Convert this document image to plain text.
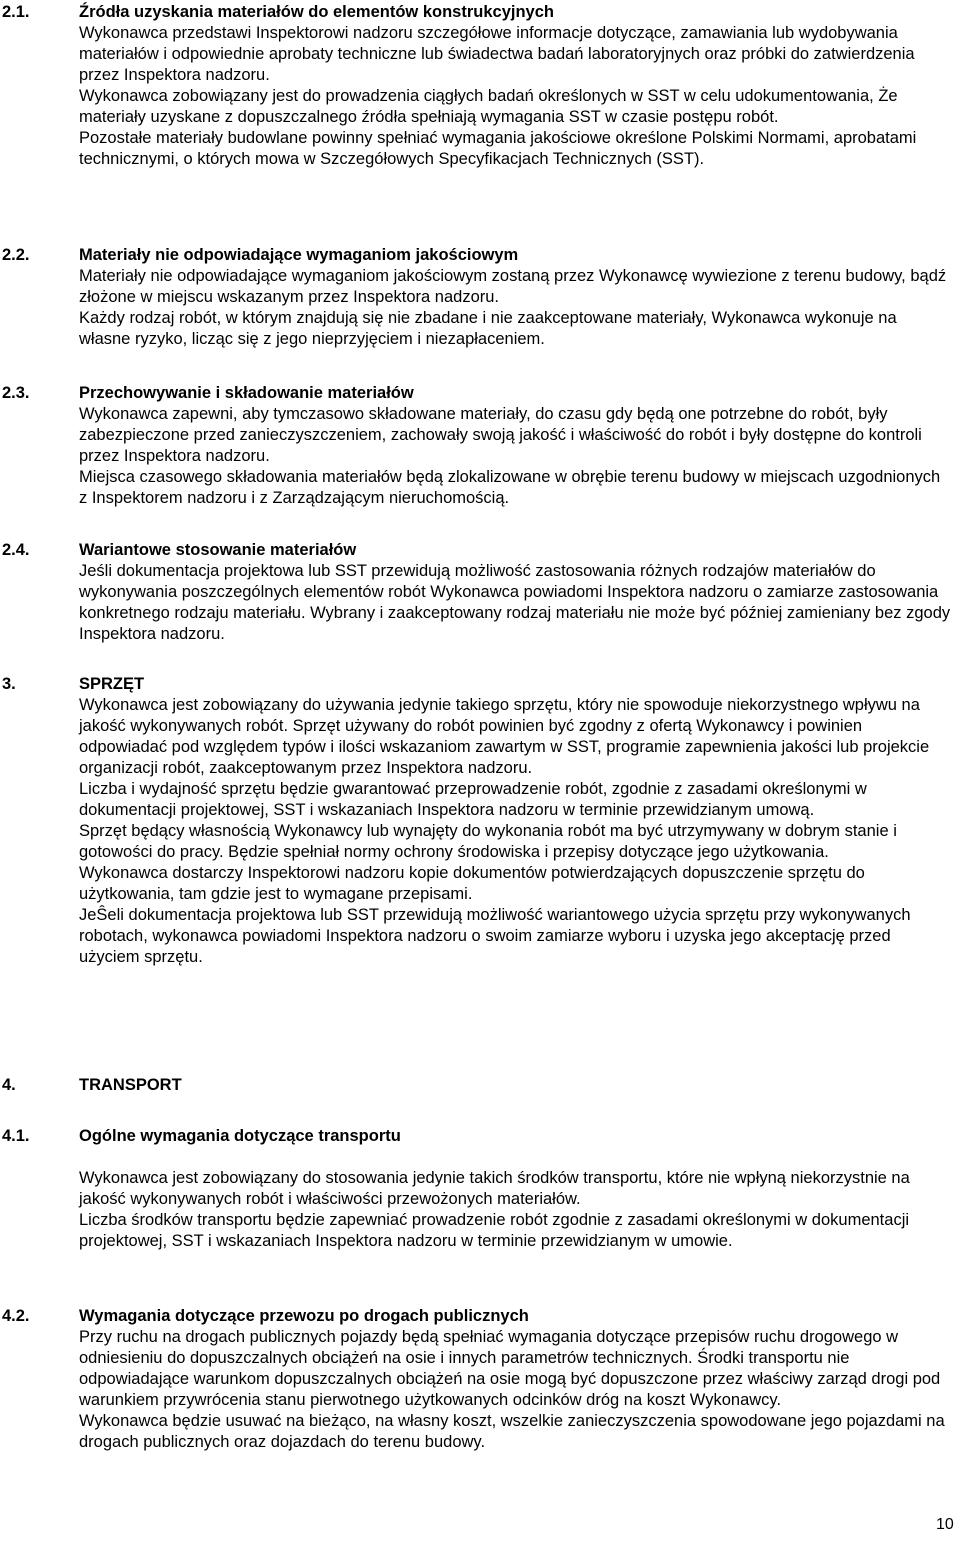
2.1.	Źródła uzyskania materiałów do elementów konstrukcyjnych

Wykonawca przedstawi Inspektorowi nadzoru szczegółowe informacje dotyczące, zamawiania lub wydobywania materiałów i odpowiednie aprobaty techniczne lub świadectwa badań laboratoryjnych oraz próbki do zatwierdzenia przez Inspektora nadzoru.

Wykonawca zobowiązany jest do prowadzenia ciągłych badań określonych w SST w celu udokumentowania, Że materiały uzyskane z dopuszczalnego źródła spełniają wymagania SST w czasie postępu robót.

Pozostałe materiały budowlane powinny spełniać wymagania jakościowe określone Polskimi Normami, aprobatami technicznymi, o których mowa w Szczegółowych Specyfikacjach Technicznych (SST).

2.2.	Materiały nie odpowiadające wymaganiom jakościowym

Materiały nie odpowiadające wymaganiom jakościowym zostaną przez Wykonawcę wywiezione z terenu budowy, bądź złożone w miejscu wskazanym przez Inspektora nadzoru.

Każdy rodzaj robót, w którym znajdują się nie zbadane i nie zaakceptowane materiały, Wykonawca wykonuje na własne ryzyko, licząc się z jego nieprzyjęciem i niezapłaceniem.

2.3.	Przechowywanie i składowanie materiałów

Wykonawca zapewni, aby tymczasowo składowane materiały, do czasu gdy będą one potrzebne do robót, były zabezpieczone przed zanieczyszczeniem, zachowały swoją jakość i właściwość do robót i były dostępne do kontroli przez Inspektora nadzoru.

Miejsca czasowego składowania materiałów będą zlokalizowane w obrębie terenu budowy w miejscach uzgodnionych z Inspektorem nadzoru i z Zarządzającym nieruchomością.

2.4.	Wariantowe stosowanie materiałów

Jeśli dokumentacja projektowa lub SST przewidują możliwość zastosowania różnych rodzajów materiałów do wykonywania poszczególnych elementów robót Wykonawca powiadomi Inspektora nadzoru o zamiarze zastosowania konkretnego rodzaju materiału. Wybrany i zaakceptowany rodzaj materiału nie może być później zamieniany bez zgody Inspektora nadzoru.

3.	SPRZĘT

Wykonawca jest zobowiązany do używania jedynie takiego sprzętu, który nie spowoduje niekorzystnego wpływu na jakość wykonywanych robót. Sprzęt używany do robót powinien być zgodny z ofertą Wykonawcy i powinien odpowiadać pod względem typów i ilości wskazaniom zawartym w SST, programie zapewnienia jakości lub projekcie organizacji robót, zaakceptowanym przez Inspektora nadzoru.

Liczba i wydajność sprzętu będzie gwarantować przeprowadzenie robót, zgodnie z zasadami określonymi w dokumentacji projektowej, SST i wskazaniach Inspektora nadzoru w terminie przewidzianym umową.

Sprzęt będący własnością Wykonawcy lub wynajęty do wykonania robót ma być utrzymywany w dobrym stanie i gotowości do pracy. Będzie spełniał normy ochrony środowiska i przepisy dotyczące jego użytkowania.

Wykonawca dostarczy Inspektorowi nadzoru kopie dokumentów potwierdzających dopuszczenie sprzętu do użytkowania, tam gdzie jest to wymagane przepisami.

JeŜeli dokumentacja projektowa lub SST przewidują możliwość wariantowego użycia sprzętu przy wykonywanych robotach, wykonawca powiadomi Inspektora nadzoru o swoim zamiarze wyboru i uzyska jego akceptację przed użyciem sprzętu.

4.	TRANSPORT
4.1.	Ogólne wymagania dotyczące transportu

Wykonawca jest zobowiązany do stosowania jedynie takich środków transportu, które nie wpłyną niekorzystnie na jakość wykonywanych robót i właściwości przewożonych materiałów.

Liczba środków transportu będzie zapewniać prowadzenie robót zgodnie z zasadami określonymi w dokumentacji projektowej, SST i wskazaniach Inspektora nadzoru w terminie przewidzianym w umowie.

4.2.	Wymagania dotyczące przewozu po drogach publicznych

Przy ruchu na drogach publicznych pojazdy będą spełniać wymagania dotyczące przepisów ruchu drogowego w odniesieniu do dopuszczalnych obciążeń na osie i innych parametrów technicznych. Środki transportu nie

odpowiadające warunkom dopuszczalnych obciążeń na osie mogą być dopuszczone przez właściwy zarząd drogi pod warunkiem przywrócenia stanu pierwotnego użytkowanych odcinków dróg na koszt Wykonawcy.

Wykonawca będzie usuwać na bieżąco, na własny koszt, wszelkie zanieczyszczenia spowodowane jego pojazdami na drogach publicznych oraz dojazdach do terenu budowy.

10
